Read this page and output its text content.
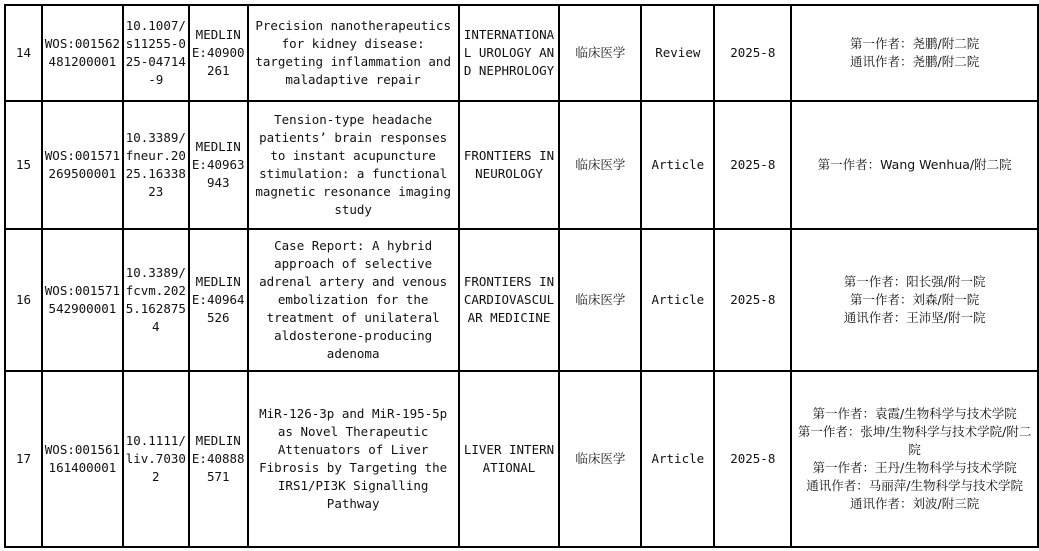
14	WOS:001562481200001	10.1007/s11255-025-04714-9	MEDLINE:40900261	Precision nanotherapeutics for kidney disease: targeting inflammation and maladaptive repair	INTERNATIONAL UROLOGY AND NEPHROLOGY	临床医学	Review	2025-8	第一作者：尧鹏/附二院
通讯作者：尧鹏/附二院

15	WOS:001571269500001	10.3389/fneur.2025.1633823	MEDLINE:40963943	Tension-type headache patients’ brain responses to instant acupuncture stimulation: a functional magnetic resonance imaging study	FRONTIERS IN NEUROLOGY	临床医学	Article	2025-8	第一作者：Wang Wenhua/附二院

16	WOS:001571542900001	10.3389/fcvm.2025.1628754	MEDLINE:40964526	Case Report: A hybrid approach of selective adrenal artery and venous embolization for the treatment of unilateral aldosterone-producing adenoma	FRONTIERS IN CARDIOVASCULAR MEDICINE	临床医学	Article	2025-8	第一作者：阳长强/附一院
第一作者：刘森/附一院
通讯作者：王沛坚/附一院

17	WOS:001561161400001	10.1111/liv.70302	MEDLINE:40888571	MiR-126-3p and MiR-195-5p as Novel Therapeutic Attenuators of Liver Fibrosis by Targeting the IRS1/PI3K Signalling Pathway	LIVER INTERNATIONAL	临床医学	Article	2025-8	第一作者：袁霞/生物科学与技术学院
第一作者：张坤/生物科学与技术学院/附二院
第一作者：王丹/生物科学与技术学院
通讯作者：马丽萍/生物科学与技术学院
通讯作者：刘波/附三院
